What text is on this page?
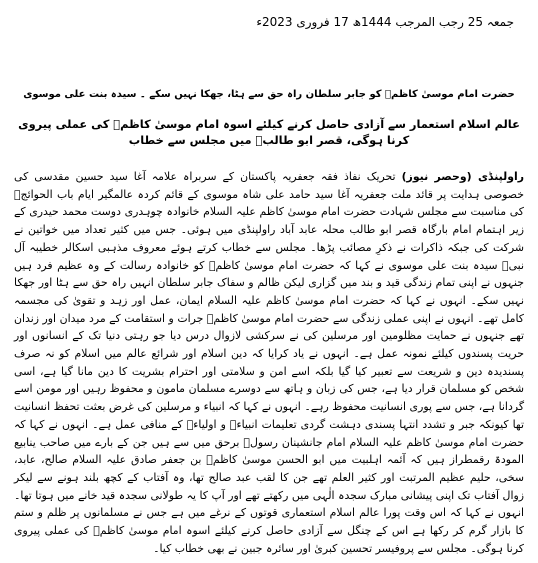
جمعہ 25 رجب المرجب 1444ھ 17 فروری 2023ء
حضرت امام موسیٰ کاظمؑ کو جابر سلطان راہ حق سے ہٹا، جھکا نہیں سکے ۔ سیدہ بنت علی موسوی
عالم اسلام استعمار سے آزادی حاصل کرنے کیلئے اسوہ امام موسیٰ کاظمؑ کی عملی پیروی کرنا ہوگی، قصر ابو طالبؑ میں مجلس سے خطاب
راولپنڈی (وحصر نیوز) تحریک نفاذ فقہ جعفریہ پاکستان کے سربراہ علامہ آغا سید حسین مقدسی کی خصوصی ہدایت پر قائد ملت جعفریہ آغا سید حامد علی شاہ موسوی کے قائم کردہ عالمگیر ایام باب الحوائجؑ کی مناسبت سے مجلس شہادت حضرت امام موسیٰ کاظم علیہ السلام خانوادہ چوہدری دوست محمد حیدری کے زیر اہتمام امام بارگاہ قصر ابو طالب محلہ عابد آباد راولپنڈی میں ہوئی۔ جس میں کثیر تعداد میں خواتین نے شرکت کی جبکہ ذاکرات نے ذکرِ مصائب پڑھا۔ مجلس سے خطاب کرتے ہوئے معروف مذہبی اسکالر خطیبہ آل نبیؐ سیدہ بنت علی موسوی نے کہا کہ حضرت امام موسیٰ کاظمؑ کو خانوادہ رسالت کے وہ عظیم فرد ہیں جنہوں نے اپنی تمام زندگی قید و بند میں گزاری لیکن ظالم و سفاک جابر سلطان انہیں راہ حق سے ہٹا اور جھکا نہیں سکے۔ انہوں نے کہا کہ حضرت امام موسیٰ کاظم علیہ السلام ایمان، عمل اور زہد و تقویٰ کی مجسمہ کامل تھے۔ انہوں نے اپنی عملی زندگی سے حضرت امام موسیٰ کاظمؑ جرات و استقامت کے مرد میدان اور زندان تھے جنہوں نے حمایت مظلومین اور مرسلین کی نے سرکشی لازوال درس دیا جو رہتی دنیا تک کے انسانوں اور حریت پسندوں کیلئے نمونہ عمل ہے۔ انہوں نے یاد کرایا کہ دین اسلام اور شرائع عالم میں اسلام کو نہ صرف پسندیدہ دین و شریعت سے تعبیر کیا گیا بلکہ اسے امن و سلامتی اور احترام بشریت کا دین مانا گیا ہے، اسی شخص کو مسلمان قرار دیا ہے، جس کی زبان و ہاتھ سے دوسرے مسلمان مامون و محفوظ رہیں اور مومن اسے گردانا ہے، جس سے پوری انسانیت محفوظ رہے۔ انہوں نے کہا کہ انبیاء و مرسلین کی غرض بعثت تحفظ انسانیت تھا کیونکہ جبر و تشدد انتہا پسندی دہشت گردی تعلیمات انبیاءؑ و اولیاءؑ کے منافی عمل ہے۔ انہوں نے کہا کہ حضرت امام موسیٰ کاظم علیہ السلام امام جانشینان رسولؐ برحق میں سے ہیں جن کے بارے میں صاحب ینابیع المودۃ رقمطراز ہیں کہ آئمہ اہلبیت میں ابو الحسن موسیٰ کاظمؑ بن جعفر صادق علیہ السلام صالح، عابد، سخی، حلیم عظیم المرتبت اور کثیر العلم تھے جن کا لقب عبد صالح تھا، وہ آفتاب کے کچھ بلند ہونے سے لیکر زوال آفتاب تک اپنی پیشانی مبارک سجدہ الٰہی میں رکھتے تھے اور آپ کا یہ طولانی سجدہ قید خانے میں ہوتا تھا۔ انہوں نے کہا کہ اس وقت پورا عالم اسلام استعماری قوتوں کے نرغے میں ہے جس نے مسلمانوں پر ظلم و ستم کا بازار گرم کر رکھا ہے اس کے چنگل سے آزادی حاصل کرنے کیلئے اسوہ امام موسیٰ کاظمؑ کی عملی پیروی کرنا ہوگی۔ مجلس سے پروفیسر تحسین کبریٰ اور سائرہ جبین نے بھی خطاب کیا۔
